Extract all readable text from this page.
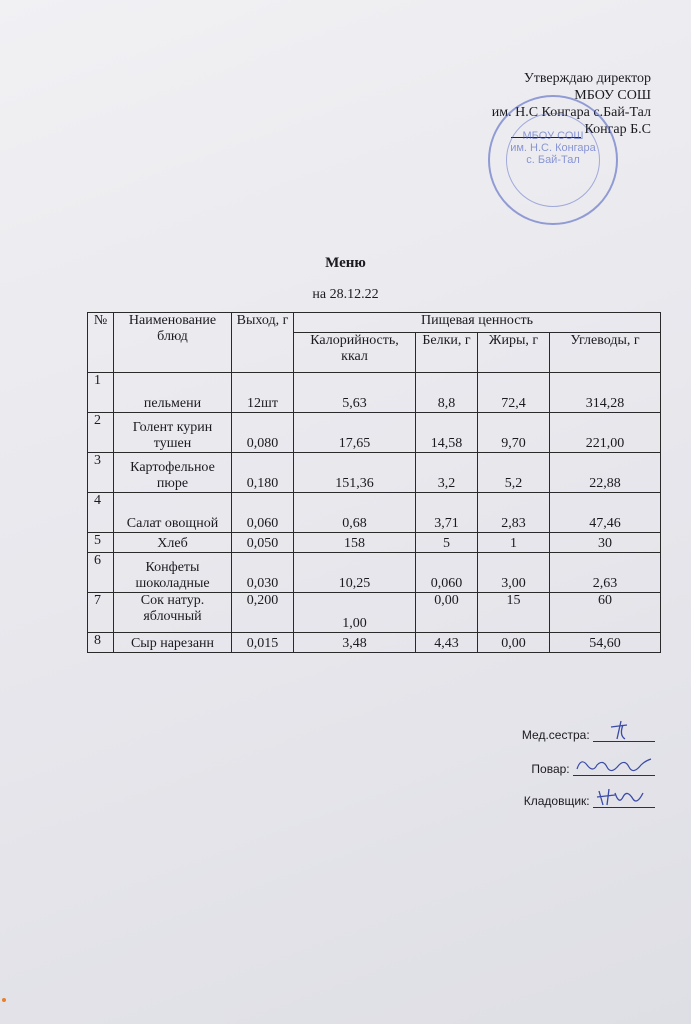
Утверждаю директор
МБОУ СОШ
им. Н.С Конгара с.Бай-Тал
Конгар Б.С
МБОУ СОШ
им. Н.С. Конгара
с. Бай-Тал
Меню
на 28.12.22
№	Наименование блюд	Выход, г	Пищевая ценность			
			Калорийность, ккал	Белки, г	Жиры, г	Углеводы, г
1	пельмени	12шт	5,63	8,8	72,4	314,28
2	Голент курин тушен	0,080	17,65	14,58	9,70	221,00
3	Картофельное пюре	0,180	151,36	3,2	5,2	22,88
4	Салат овощной	0,060	0,68	3,71	2,83	47,46
5	Хлеб	0,050	158	5	1	30
6	Конфеты шоколадные	0,030	10,25	0,060	3,00	2,63
7	Сок натур. яблочный	0,200	1,00	0,00	15	60
8	Сыр нарезанн	0,015	3,48	4,43	0,00	54,60
Мед.сестра:
Повар:
Кладовщик:
